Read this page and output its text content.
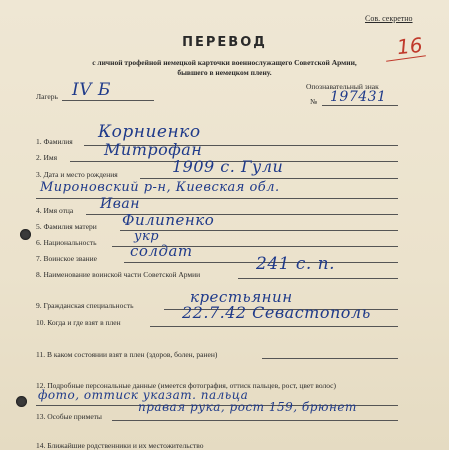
Сов. секретно
16
ПЕРЕВОД
с личной трофейной немецкой карточки военнослужащего Советской Армии,
бывшего в немецком плену.
Лагерь IV Б	Опознавательный знак
№ 197431
1. Фамилия Корниенко
2. Имя	Митрофан
3. Дата и место рождения	1909 с. Гули
Мироновский р-н, Киевская обл.
4. Имя отца Иван
5. Фамилия матери Филипенко
6. Национальность	укр
7. Воинское звание солдат
8. Наименование воинской части Советской Армии
241 с. п.
9. Гражданская специальность	крестьянин
10. Когда и где взят в плен
22.7.42 Севастополь
11. В каком состоянии взят в плен (здоров, болен, ранен)
12. Подробные персональные данные (имеется фотография, оттиск пальцев, рост, цвет волос)
фото, оттиск указат. пальца
13. Особые приметы
правая рука, рост 159, брюнет
14. Ближайшие родственники и их местожительство
